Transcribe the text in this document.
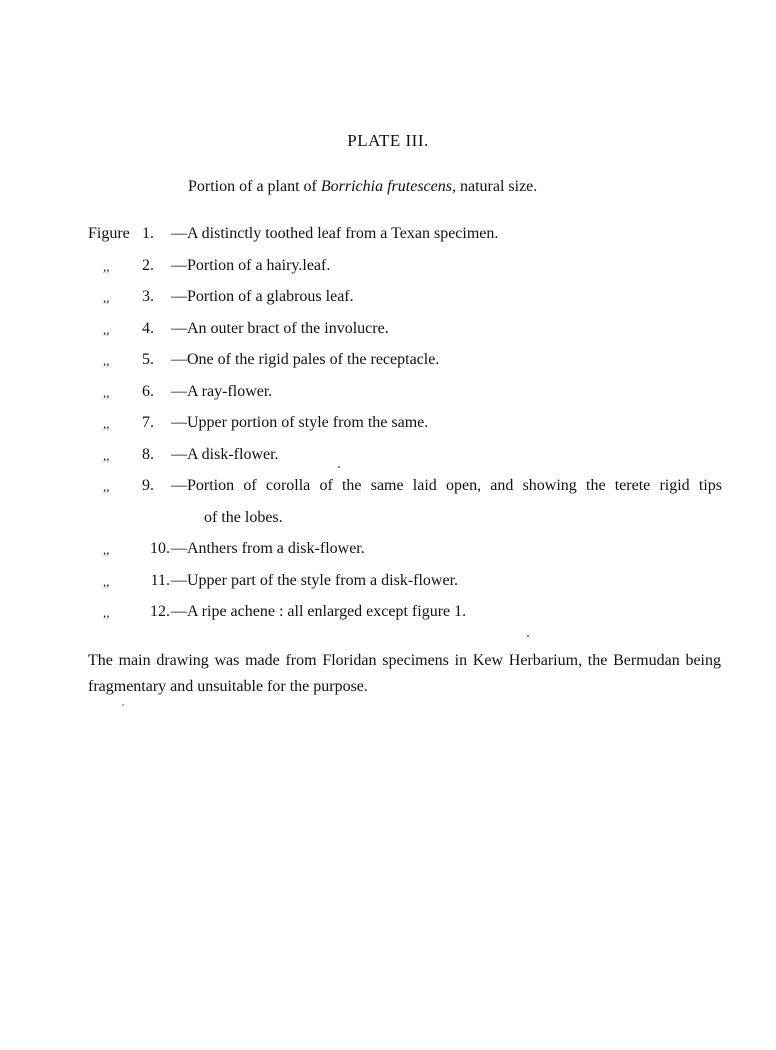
PLATE III.
Portion of a plant of Borrichia frutescens, natural size.
Figure 1. —A distinctly toothed leaf from a Texan specimen.
,,	2. —Portion of a hairy.leaf.
,,	3. —Portion of a glabrous leaf.
,,	4. —An outer bract of the involucre.
,,	5. —One of the rigid pales of the receptacle.
,,	6. —A ray-flower.
,,	7. —Upper portion of style from the same.
,,	8. —A disk-flower.
,,	9. —Portion of corolla of the same laid open, and showing the terete rigid tips
of the lobes.
,,	10. —Anthers from a disk-flower.
,,	11. —Upper part of the style from a disk-flower.
,,	12. —A ripe achene : all enlarged except figure 1.
The main drawing was made from Floridan specimens in Kew Herbarium, the Bermudan being fragmentary and unsuitable for the purpose.
